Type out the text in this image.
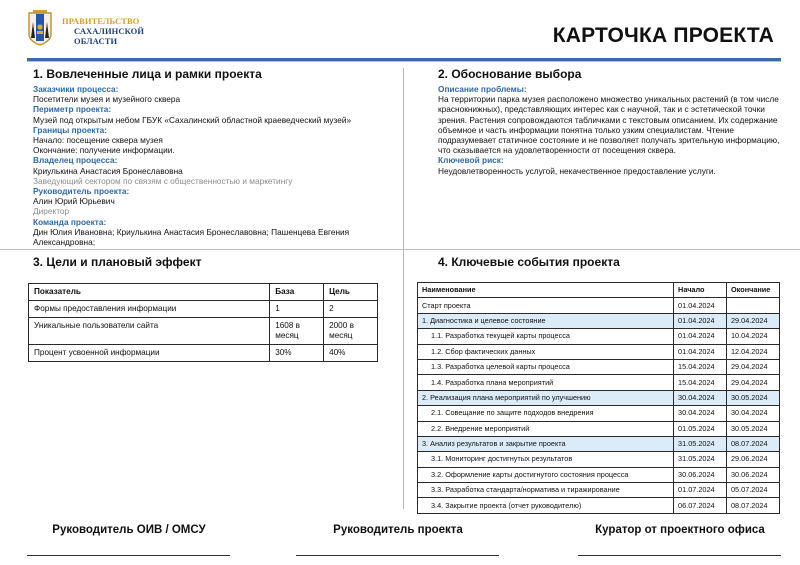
ПРАВИТЕЛЬСТВО
САХАЛИНСКОЙ
ОБЛАСТИ	КАРТОЧКА ПРОЕКТА
1. Вовлеченные лица и рамки проекта
Заказчики процесса:
Посетители музея и музейного сквера
Периметр проекта:
Музей под открытым небом ГБУК «Сахалинский областной краеведческий музей»
Границы проекта:
Начало: посещение сквера музея
Окончание: получение информации.
Владелец процесса:
Криулькина Анастасия Бронеславовна
Заведующий сектором по связям с общественностью и маркетингу
Руководитель проекта:
Алин Юрий Юрьевич
Директор
Команда проекта:
Дин Юлия Ивановна; Криулькина Анастасия Бронеславовна; Пашенцева Евгения Александровна;
2. Обоснование выбора
Описание проблемы:
На территории парка музея расположено множество уникальных растений (в том числе краснокнижных), представляющих интерес как с научной, так и с эстетической точки зрения. Растения сопровождаются табличками с текстовым описанием. Их содержание объемное и часть информации понятна только узким специалистам. Чтение подразумевает статичное состояние и не позволяет получать зрительную информацию, что сказывается на удовлетворенности от посещения сквера.
Ключевой риск:
Неудовлетворенность услугой, некачественное предоставление услуги.
3. Цели и плановый эффект
Показатель	База	Цель
Формы предоставления информации	1	2
Уникальные пользователи сайта	1608 в месяц	2000 в месяц
Процент усвоенной информации	30%	40%
4. Ключевые события проекта
Наименование	Начало	Окончание
Старт проекта	01.04.2024	
1. Диагностика и целевое состояние	01.04.2024	29.04.2024
1.1. Разработка текущей карты процесса	01.04.2024	10.04.2024
1.2. Сбор фактических данных	01.04.2024	12.04.2024
1.3. Разработка целевой карты процесса	15.04.2024	29.04.2024
1.4. Разработка плана мероприятий	15.04.2024	29.04.2024
2. Реализация плана мероприятий по улучшению	30.04.2024	30.05.2024
2.1. Совещание по защите подходов внедрения	30.04.2024	30.04.2024
2.2. Внедрение мероприятий	01.05.2024	30.05.2024
3. Анализ результатов и закрытие проекта	31.05.2024	08.07.2024
3.1. Мониторинг достигнутых результатов	31.05.2024	29.06.2024
3.2. Оформление карты достигнутого состояния процесса	30.06.2024	30.06.2024
3.3. Разработка стандарта/норматива и тиражирование	01.07.2024	05.07.2024
3.4. Закрытие проекта (отчет руководителю)	06.07.2024	08.07.2024
Руководитель ОИВ / ОМСУ	Руководитель проекта	Куратор от проектного офиса
